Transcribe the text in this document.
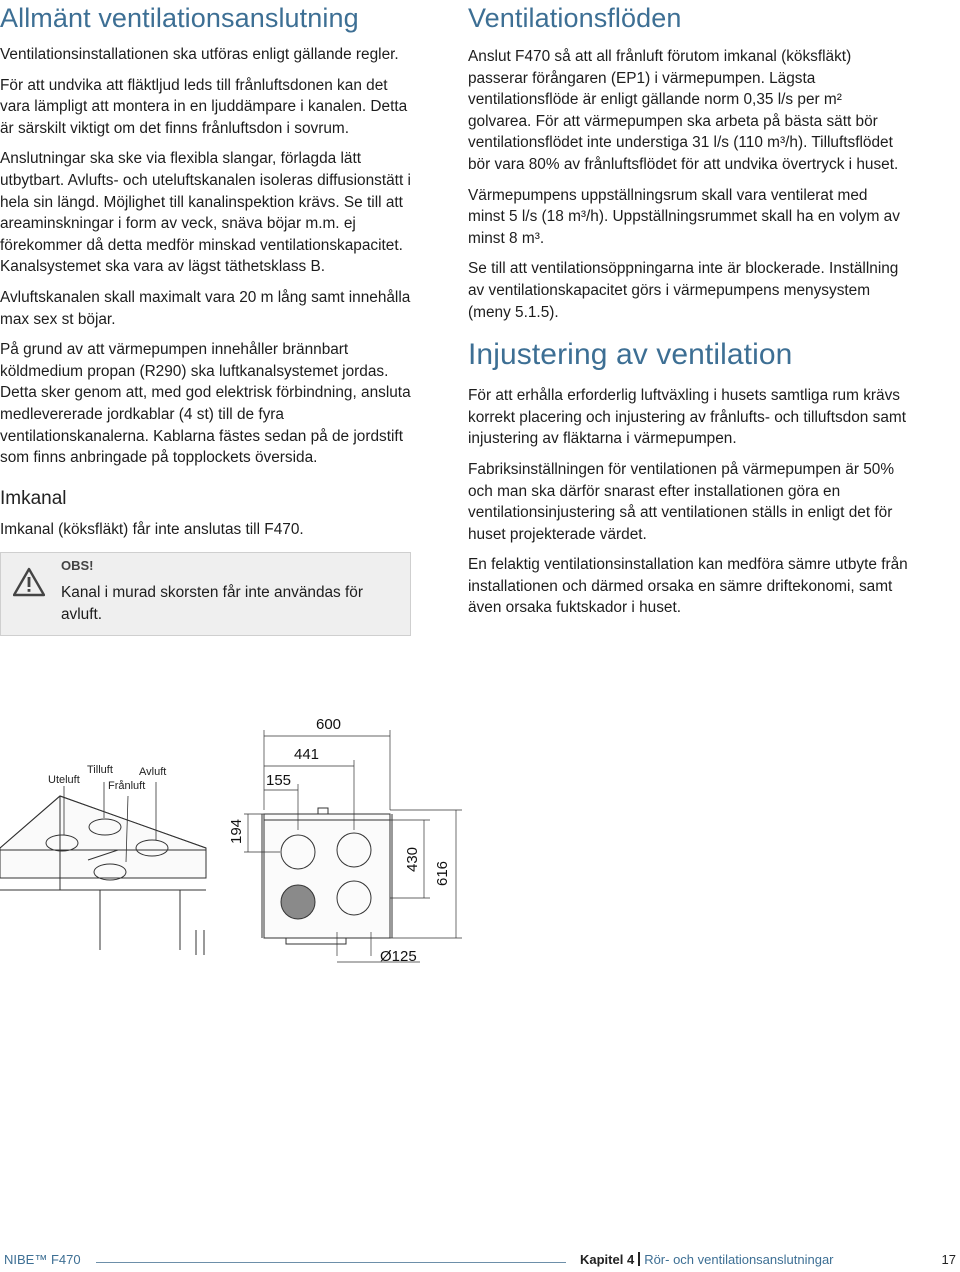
Allmänt ventilationsanslutning

Ventilationsinstallationen ska utföras enligt gällande regler.

För att undvika att fläktljud leds till frånluftsdonen kan det vara lämpligt att montera in en ljuddämpare i kanalen. Detta är särskilt viktigt om det finns frånluftsdon i sovrum.

Anslutningar ska ske via flexibla slangar, förlagda lätt utbytbart. Avlufts- och uteluftskanalen isoleras diffusionstätt i hela sin längd. Möjlighet till kanalinspektion krävs. Se till att areaminskningar i form av veck, snäva böjar m.m. ej förekommer då detta medför minskad ventilationskapacitet. Kanalsystemet ska vara av lägst täthetsklass B.

Avluftskanalen skall maximalt vara 20 m lång samt innehålla max sex st böjar.

På grund av att värmepumpen innehåller brännbart köldmedium propan (R290) ska luftkanalsystemet jordas. Detta sker genom att, med god elektrisk förbindning, ansluta medlevererade jordkablar (4 st) till de fyra ventilationskanalerna. Kablarna fästes sedan på de jordstift som finns anbringade på topplockets översida.

Imkanal

Imkanal (köksfläkt) får inte anslutas till F470.

OBS!
Kanal i murad skorsten får inte användas för avluft.
Ventilationsflöden

Anslut F470 så att all frånluft förutom imkanal (köksfläkt) passerar förångaren (EP1) i värmepumpen. Lägsta ventilationsflöde är enligt gällande norm 0,35 l/s per m² golvarea. För att värmepumpen ska arbeta på bästa sätt bör ventilationsflödet inte understiga 31 l/s (110 m³/h). Tilluftsflödet bör vara 80% av frånluftsflödet för att undvika övertryck i huset.

Värmepumpens uppställningsrum skall vara ventilerat med minst 5 l/s (18 m³/h). Uppställningsrummet skall ha en volym av minst 8 m³.

Se till att ventilationsöppningarna inte är blockerade. Inställning av ventilationskapacitet görs i värmepumpens menysystem (meny 5.1.5).

Injustering av ventilation

För att erhålla erforderlig luftväxling i husets samtliga rum krävs korrekt placering och injustering av frånlufts- och tilluftsdon samt injustering av fläktarna i värmepumpen.

Fabriksinställningen för ventilationen på värmepumpen är 50% och man ska därför snarast efter installationen göra en ventilationsinjustering så att ventilationen ställs in enligt det för huset projekterade värdet.

En felaktig ventilationsinstallation kan medföra sämre utbyte från installationen och därmed orsaka en sämre driftekonomi, samt även orsaka fuktskador i huset.

Uteluft
Tilluft Avluft
Frånluft
600
441
155
194
430
616
Ø125
NIBE™ F470	Kapitel 4 Rör- och ventilationsanslutningar	17
